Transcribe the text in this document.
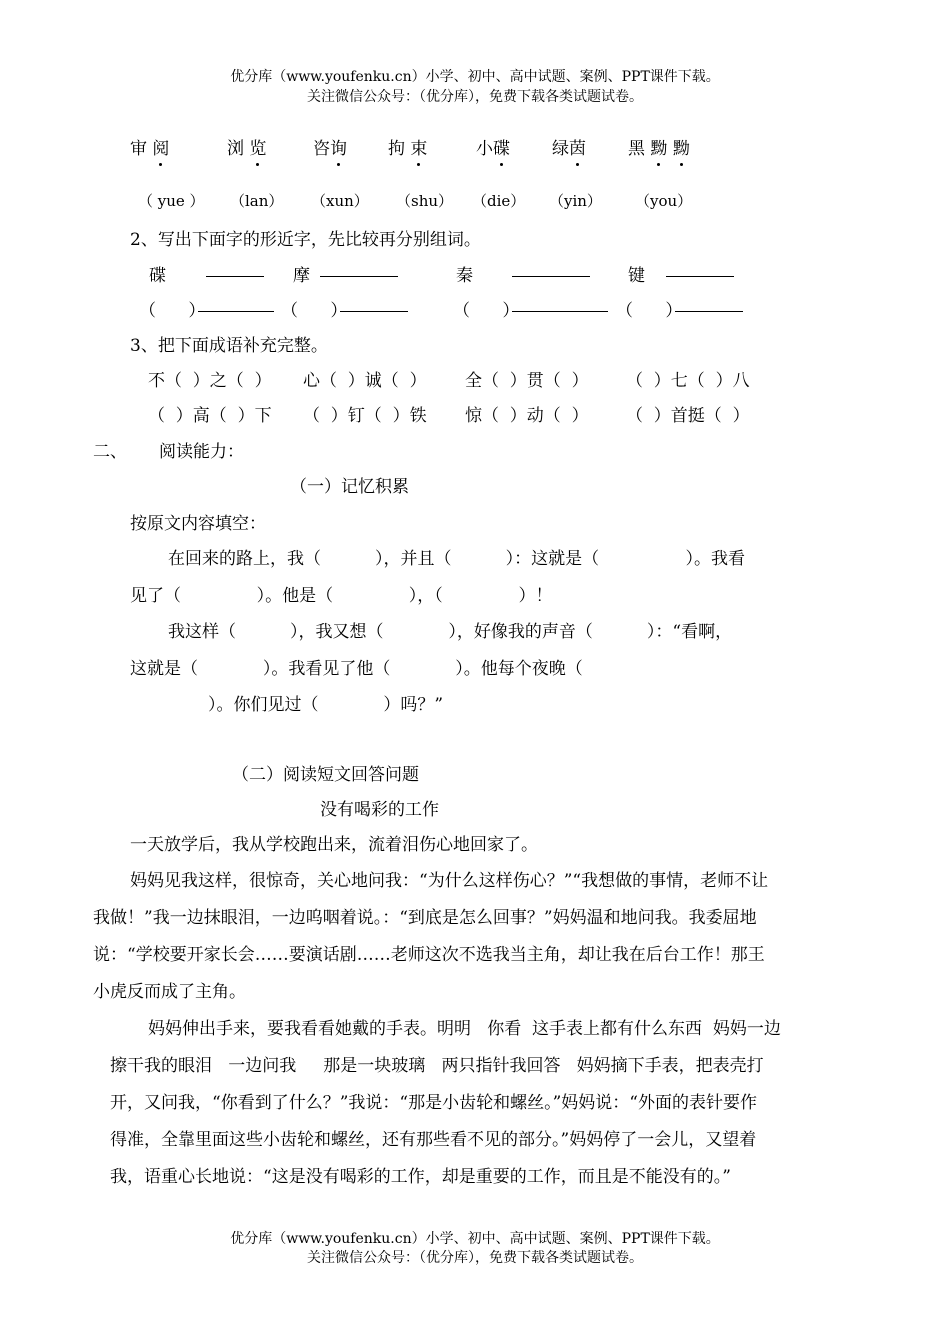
优分库（www.youfenku.cn）小学、初中、高中试题、案例、PPT课件下载。
关注微信公众号：（优分库），免费下载各类试题试卷。
审 阅	浏 览	咨询 拘 束	小碟 绿茵 黑 黝 黝
（ yue ） （lan） （xun） （shu） （die） （yin） （you）
2、写出下面字的形近字，先比较再分别组词。
碟	摩	秦	键
（      ）	（      ）	（      ）	（      ）
3、把下面成语补充完整。
不（  ）之（  ） 心（  ）诚（  ） 全（  ）贯（  ） （  ）七（  ）八
（  ）高（  ）下 （  ）钉（  ）铁 惊（  ）动（  ） （  ）首挺（  ）
二、 阅读能力：
（一）记忆积累
按原文内容填空：
在回来的路上，我（          ），并且（          ）：这就是（                ）。我看
见了（              ）。他是（              ），（              ）！
我这样（          ），我又想（            ），好像我的声音（          ）：“看啊，
这就是（            ）。我看见了他（            ）。他每个夜晚（
）。你们见过（            ）吗？”
（二）阅读短文回答问题
没有喝彩的工作
一天放学后，我从学校跑出来，流着泪伤心地回家了。
妈妈见我这样，很惊奇，关心地问我：“为什么这样伤心？”“我想做的事情，老师不让
我做！”我一边抹眼泪，一边呜咽着说。：“到底是怎么回事？”妈妈温和地问我。我委屈地
说：“学校要开家长会……要演话剧……老师这次不选我当主角，却让我在后台工作！那王
小虎反而成了主角。
妈妈伸出手来，要我看看她戴的手表。明明   你看  这手表上都有什么东西  妈妈一边
擦干我的眼泪   一边问我     那是一块玻璃   两只指针我回答   妈妈摘下手表，把表壳打
开，又问我，“你看到了什么？”我说：“那是小齿轮和螺丝。”妈妈说：“外面的表针要作
得准，全靠里面这些小齿轮和螺丝，还有那些看不见的部分。”妈妈停了一会儿，又望着
我，语重心长地说：“这是没有喝彩的工作，却是重要的工作，而且是不能没有的。”
优分库（www.youfenku.cn）小学、初中、高中试题、案例、PPT课件下载。
关注微信公众号：（优分库），免费下载各类试题试卷。
